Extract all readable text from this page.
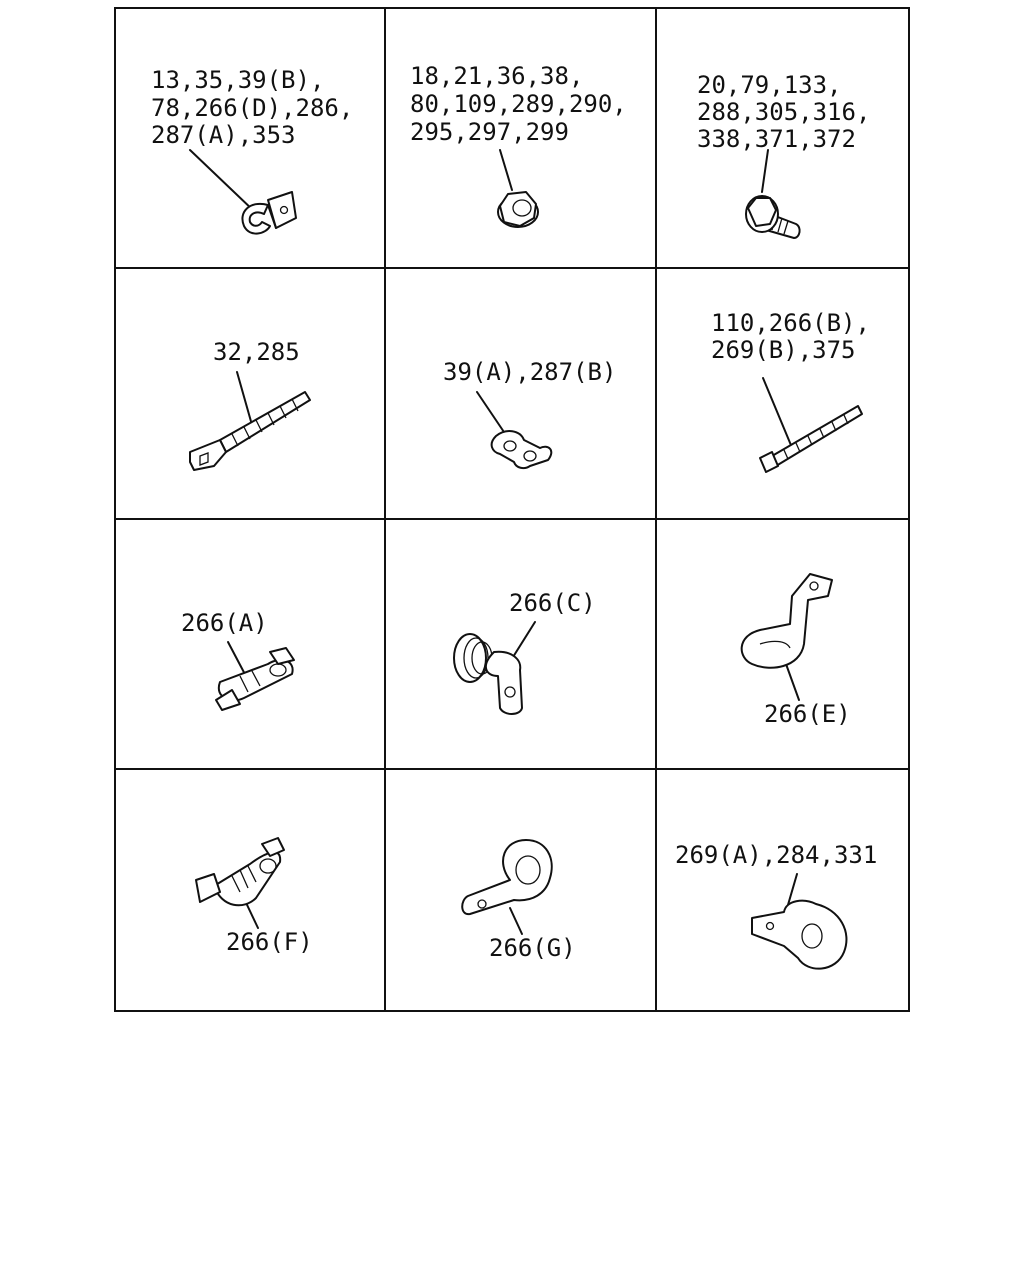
13,35,39(B), 78,266(D),286, 287(A),353
18,21,36,38, 80,109,289,290, 295,297,299
20,79,133, 288,305,316, 338,371,372
32,285
39(A),287(B)
110,266(B), 269(B),375
266(A)
266(C)
266(E)
266(F)	266(G)
269(A),284,331
